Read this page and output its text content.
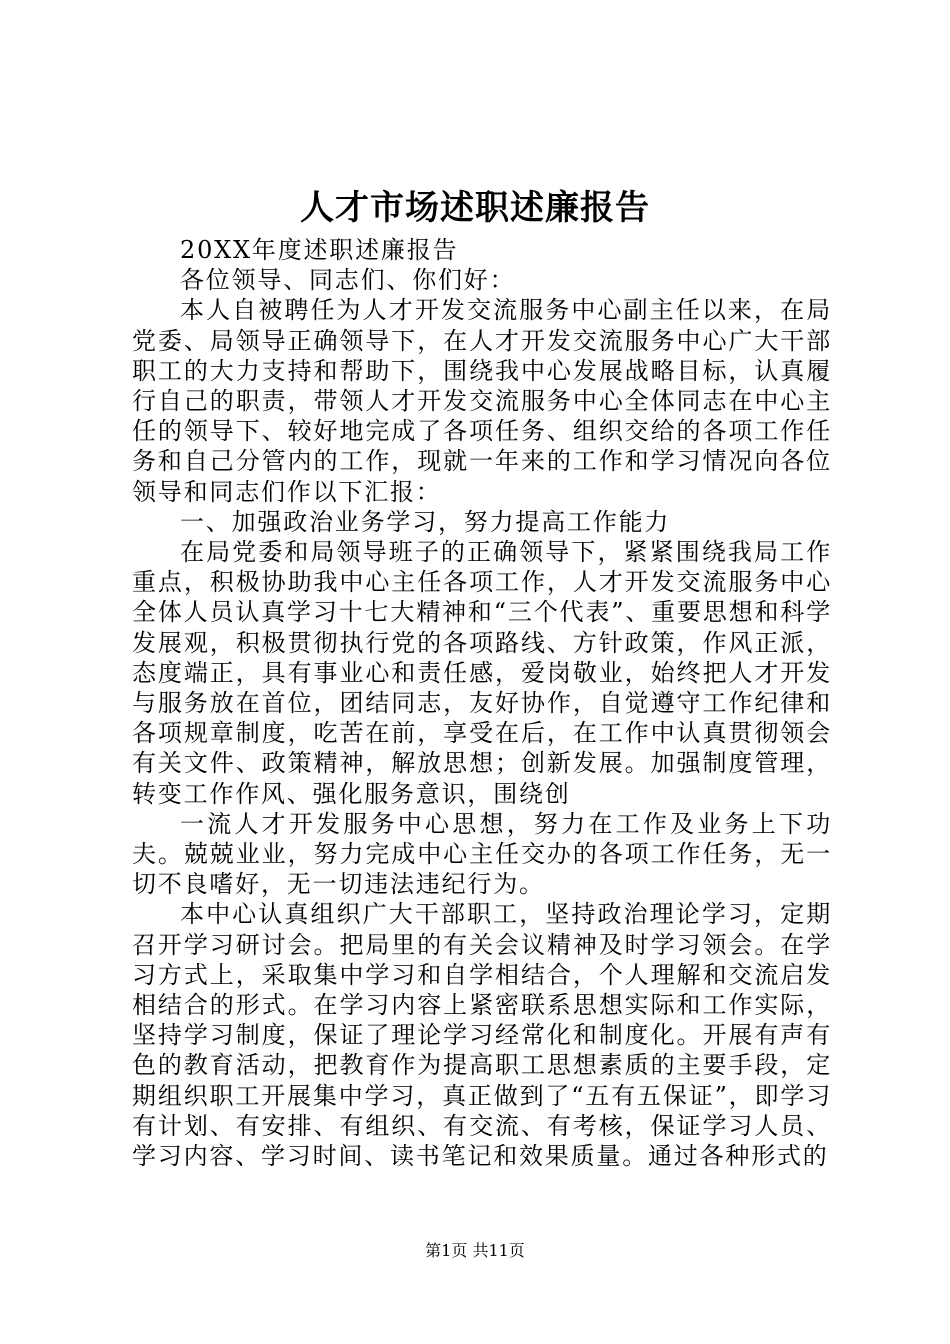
人才市场述职述廉报告

20XX年度述职述廉报告

各位领导、同志们、你们好：

本人自被聘任为人才开发交流服务中心副主任以来，在局党委、局领导正确领导下，在人才开发交流服务中心广大干部职工的大力支持和帮助下，围绕我中心发展战略目标，认真履行自己的职责，带领人才开发交流服务中心全体同志在中心主任的领导下、较好地完成了各项任务、组织交给的各项工作任务和自己分管内的工作，现就一年来的工作和学习情况向各位领导和同志们作以下汇报：

一、加强政治业务学习，努力提高工作能力

在局党委和局领导班子的正确领导下，紧紧围绕我局工作重点，积极协助我中心主任各项工作，人才开发交流服务中心全体人员认真学习十七大精神和“三个代表”、重要思想和科学发展观，积极贯彻执行党的各项路线、方针政策，作风正派，态度端正，具有事业心和责任感，爱岗敬业，始终把人才开发与服务放在首位，团结同志，友好协作，自觉遵守工作纪律和各项规章制度，吃苦在前，享受在后，在工作中认真贯彻领会有关文件、政策精神，解放思想；创新发展。加强制度管理，转变工作作风、强化服务意识，围绕创

一流人才开发服务中心思想，努力在工作及业务上下功夫。兢兢业业，努力完成中心主任交办的各项工作任务，无一切不良嗜好，无一切违法违纪行为。

本中心认真组织广大干部职工，坚持政治理论学习，定期召开学习研讨会。把局里的有关会议精神及时学习领会。在学习方式上，采取集中学习和自学相结合，个人理解和交流启发相结合的形式。在学习内容上紧密联系思想实际和工作实际，坚持学习制度，保证了理论学习经常化和制度化。开展有声有色的教育活动，把教育作为提高职工思想素质的主要手段，定期组织职工开展集中学习，真正做到了“五有五保证”，即学习有计划、有安排、有组织、有交流、有考核，保证学习人员、学习内容、学习时间、读书笔记和效果质量。通过各种形式的

第1页 共11页
